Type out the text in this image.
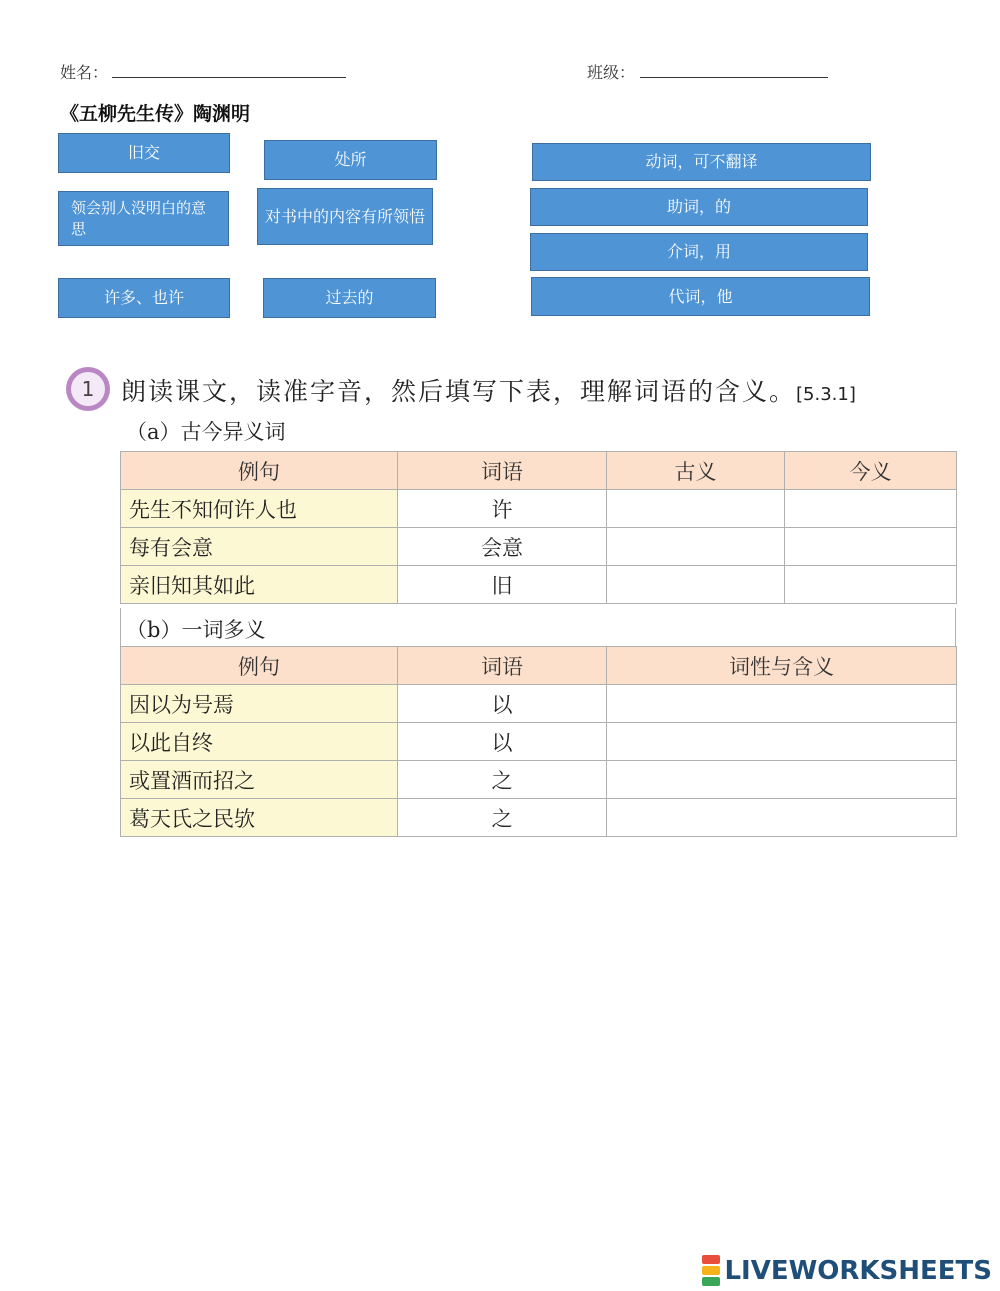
姓名：	班级：
《五柳先生传》陶渊明
旧交	处所	动词，可不翻译
领会别人没明白的意思
对书中的内容有所领悟	助词，的
介词，用
许多、也许	过去的	代词，他
1	朗读课文，读准字音，然后填写下表，理解词语的含义。[5.3.1]
（a）古今异义词
例句	词语	古义	今义
先生不知何许人也	许	

每有会意	会意	

亲旧知其如此	旧	

（b）一词多义
例句	词语	词性与含义
因以为号焉	以	

以此自终	以	

或置酒而招之	之	

葛天氏之民欤	之	
LIVEWORKSHEETS
